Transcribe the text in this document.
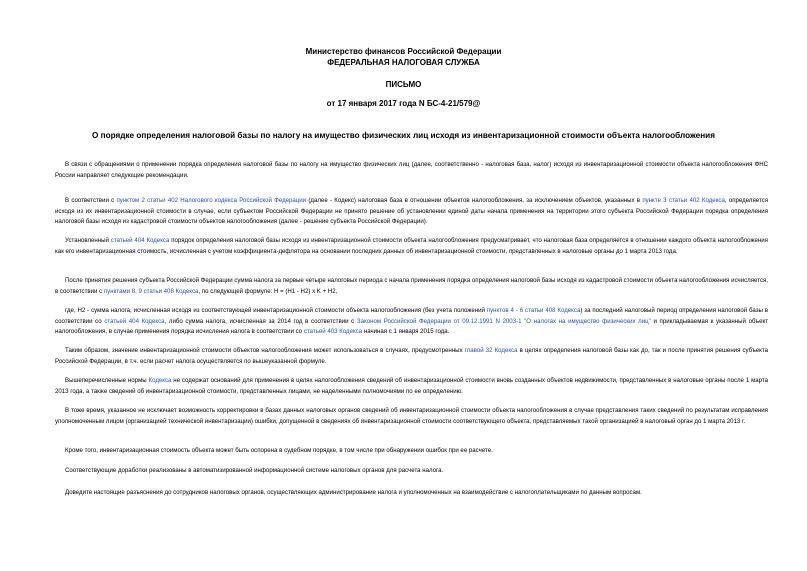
Министерство финансов Российской Федерации
ФЕДЕРАЛЬНАЯ НАЛОГОВАЯ СЛУЖБА
ПИСЬМО
от 17 января 2017 года N БС-4-21/579@
О порядке определения налоговой базы по налогу на имущество физических лиц исходя из инвентаризационной стоимости объекта налогообложения
В связи с обращениями о применении порядка определения налоговой базы по налогу на имущество физических лиц (далее, соответственно - налоговая база, налог) исходя из инвентаризационной стоимости объекта налогообложения ФНС России направляет следующие рекомендации.
В соответствии с пунктом 2 статьи 402 Налогового кодекса Российской Федерации (далее - Кодекс) налоговая база в отношении объектов налогообложения, за исключением объектов, указанных в пункте 3 статьи 402 Кодекса, определяется исходя из их инвентаризационной стоимости в случае, если субъектом Российской Федерации не принято решение об установлении единой даты начала применения на территории этого субъекта Российской Федерации порядка определения налоговой базы исходя из кадастровой стоимости объектов налогообложения (далее - решение субъекта Российской Федерации).
Установленный статьей 404 Кодекса порядок определения налоговой базы исходя из инвентаризационной стоимости объекта налогообложения предусматривает, что налоговая база определяется в отношении каждого объекта налогообложения как его инвентаризационная стоимость, исчисленная с учетом коэффициента-дефлятора на основании последних данных об инвентаризационной стоимости, представленных в налоговые органы до 1 марта 2013 года.
После принятия решения субъекта Российской Федерации сумма налога за первые четыре налоговых периода с начала применения порядка определения налоговой базы исходя из кадастровой стоимости объекта налогообложения исчисляется, в соответствии с пунктами 8, 9 статьи 408 Кодекса, по следующей формуле: H = (H1 - H2) x K + H2,
где, H2 - сумма налога, исчисленная исходя из соответствующей инвентаризационной стоимости объекта налогообложения (без учета положений пунктов 4 - 6 статьи 408 Кодекса) за последний налоговый период определения налоговой базы в соответствии со статьей 404 Кодекса, либо сумма налога, исчисленная за 2014 год в соответствии с Законом Российской Федерации от 09.12.1991 N 2003-1 "О налогах на имущество физических лиц" и прикладываемая к указанный объект налогообложения, в случае применения порядка исчисления налога в соответствии со статьей 403 Кодекса начиная с 1 января 2015 года.
Таким образом, значение инвентаризационной стоимости объектов налогообложения может использоваться в случаях, предусмотренных главой 32 Кодекса в целях определения налоговой базы как до, так и после принятия решения субъекта Российской Федерации, в т.ч. если расчет налога осуществляется по вышеуказанной формуле.
Вышеперечисленные нормы Кодекса не содержат оснований для применения в целях налогообложения сведений об инвентаризационной стоимости вновь созданных объектов недвижимости, представленных в налоговые органы после 1 марта 2013 года, а также сведений об инвентаризационной стоимости, представленных лицами, не наделенными полномочиями по ее определению.
В тоже время, указанное не исключает возможность корректировки в базах данных налоговых органов сведений об инвентаризационной стоимости объекта налогообложения в случае представления таких сведений по результатам исправления уполномоченным лицом (организацией технической инвентаризации) ошибки, допущенной в сведениях об инвентаризационной стоимости соответствующего объекта, представляемых такой организацией в налоговый орган до 1 марта 2013 г.
Кроме того, инвентаризационная стоимость объекта может быть оспорена в судебном порядке, в том числе при обнаружении ошибок при ее расчете.
Соответствующие доработки реализованы в автоматизированной информационной системе налоговых органов для расчета налога.
Доведите настоящие разъяснения до сотрудников налоговых органов, осуществляющих администрирование налога и уполномоченных на взаимодействие с налогоплательщиками по данным вопросам.
